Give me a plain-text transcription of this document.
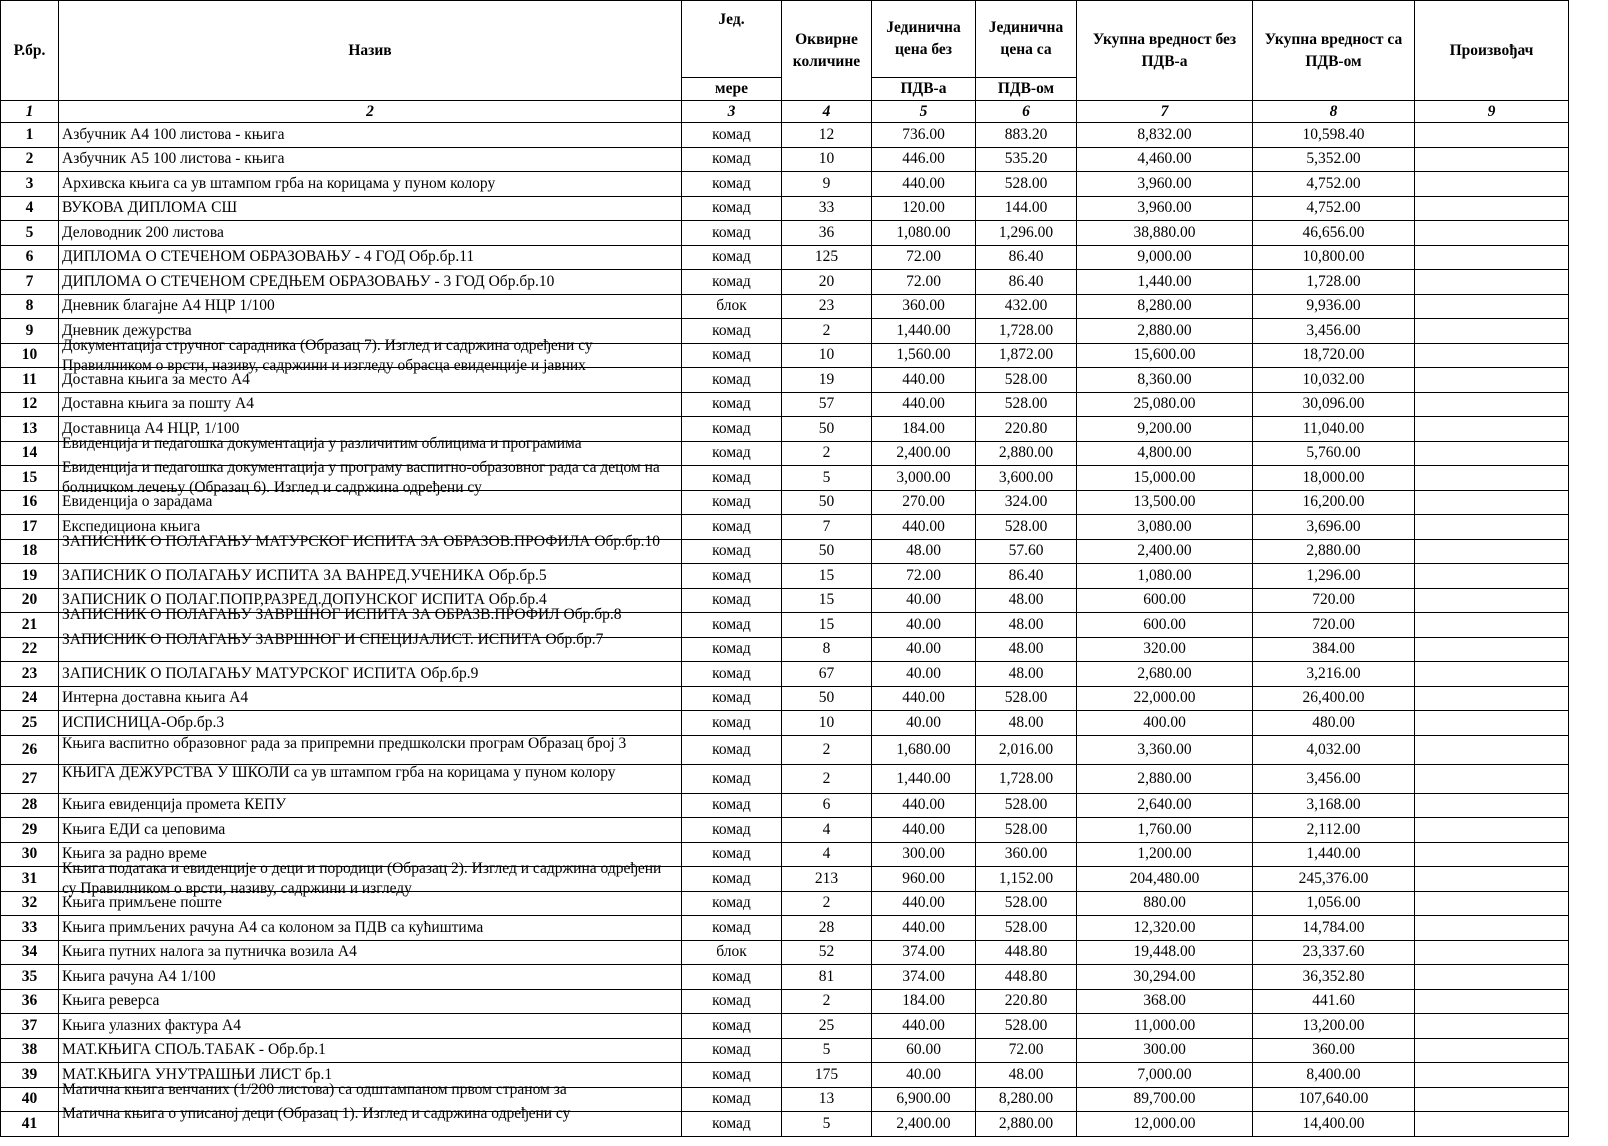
Р.бр.	Назив	Јед.	Оквирне количине	Јединична цена без	Јединична цена са	Укупна вредност без ПДВ-а	Укупна вредност са ПДВ-ом	Произвођач
		мере		ПДВ-а	ПДВ-ом			
1	2	3	4	5	6	7	8	9
1	Азбучник А4 100 листова - књига	комад	12	736.00	883.20	8,832.00	10,598.40	
2	Азбучник А5 100 листова - књига	комад	10	446.00	535.20	4,460.00	5,352.00	
3	Архивска књига са ув штампом грба на корицама у пуном колору	комад	9	440.00	528.00	3,960.00	4,752.00	
4	ВУКОВА ДИПЛОМА СШ	комад	33	120.00	144.00	3,960.00	4,752.00	
5	Деловодник 200 листова	комад	36	1,080.00	1,296.00	38,880.00	46,656.00	
6	ДИПЛОМА О СТЕЧЕНОМ ОБРАЗОВАЊУ - 4 ГОД Обр.бр.11	комад	125	72.00	86.40	9,000.00	10,800.00	
7	ДИПЛОМА О СТЕЧЕНОМ СРЕДЊЕМ ОБРАЗОВАЊУ - 3 ГОД Обр.бр.10	комад	20	72.00	86.40	1,440.00	1,728.00	
8	Дневник благајне А4 НЦР 1/100	блок	23	360.00	432.00	8,280.00	9,936.00	
9	Дневник дежурства	комад	2	1,440.00	1,728.00	2,880.00	3,456.00	
10	Документација стручног сарадника (Образац 7). Изглед и садржина одређени су Правилником о врсти, називу, садржини и изгледу обрасца евиденције и јавних	комад	10	1,560.00	1,872.00	15,600.00	18,720.00	
11	Доставна књига за место А4	комад	19	440.00	528.00	8,360.00	10,032.00	
12	Доставна књига за пошту А4	комад	57	440.00	528.00	25,080.00	30,096.00	
13	Доставница А4 НЦР, 1/100	комад	50	184.00	220.80	9,200.00	11,040.00	
14	Евиденција и педагошка документација у различитим облицима и програмима	комад	2	2,400.00	2,880.00	4,800.00	5,760.00	
15	Евиденција и педагошка документација у програму васпитно-образовног рада са децом на болничком лечењу (Образац 6). Изглед и садржина одређени су	комад	5	3,000.00	3,600.00	15,000.00	18,000.00	
16	Евиденција о зарадама	комад	50	270.00	324.00	13,500.00	16,200.00	
17	Експедициона књига	комад	7	440.00	528.00	3,080.00	3,696.00	
18	ЗАПИСНИК О ПОЛАГАЊУ МАТУРСКОГ ИСПИТА ЗА ОБРАЗОВ.ПРОФИЛА Обр.бр.10	комад	50	48.00	57.60	2,400.00	2,880.00	
19	ЗАПИСНИК О ПОЛАГАЊУ ИСПИТА ЗА ВАНРЕД.УЧЕНИКА Обр.бр.5	комад	15	72.00	86.40	1,080.00	1,296.00	
20	ЗАПИСНИК О ПОЛАГ.ПОПР,РАЗРЕД.ДОПУНСКОГ ИСПИТА Обр.бр.4	комад	15	40.00	48.00	600.00	720.00	
21	ЗАПИСНИК О ПОЛАГАЊУ ЗАВРШНОГ ИСПИТА ЗА ОБРАЗВ.ПРОФИЛ Обр.бр.8	комад	15	40.00	48.00	600.00	720.00	
22	ЗАПИСНИК О ПОЛАГАЊУ ЗАВРШНОГ И СПЕЦИЈАЛИСТ. ИСПИТА Обр.бр.7	комад	8	40.00	48.00	320.00	384.00	
23	ЗАПИСНИК О ПОЛАГАЊУ МАТУРСКОГ ИСПИТА Обр.бр.9	комад	67	40.00	48.00	2,680.00	3,216.00	
24	Интерна доставна књига А4	комад	50	440.00	528.00	22,000.00	26,400.00	
25	ИСПИСНИЦА-Обр.бр.3	комад	10	40.00	48.00	400.00	480.00	
26	Књига васпитно образовног рада за припремни предшколски програм Образац број 3	комад	2	1,680.00	2,016.00	3,360.00	4,032.00	
27	КЊИГА ДЕЖУРСТВА У ШКОЛИ са ув штампом грба на корицама у пуном колору	комад	2	1,440.00	1,728.00	2,880.00	3,456.00	
28	Књига евиденција промета КЕПУ	комад	6	440.00	528.00	2,640.00	3,168.00	
29	Књига ЕДИ са џеповима	комад	4	440.00	528.00	1,760.00	2,112.00	
30	Књига за радно време	комад	4	300.00	360.00	1,200.00	1,440.00	
31	Књига података и евиденције о деци и породици (Образац 2). Изглед и садржина одређени су Правилником о врсти, називу, садржини и изгледу	комад	213	960.00	1,152.00	204,480.00	245,376.00	
32	Књига примљене поште	комад	2	440.00	528.00	880.00	1,056.00	
33	Књига примљених рачуна А4 са колоном за ПДВ са кућиштима	комад	28	440.00	528.00	12,320.00	14,784.00	
34	Књига путних налога за путничка возила А4	блок	52	374.00	448.80	19,448.00	23,337.60	
35	Књига рачуна А4 1/100	комад	81	374.00	448.80	30,294.00	36,352.80	
36	Књига реверса	комад	2	184.00	220.80	368.00	441.60	
37	Књига улазних фактура А4	комад	25	440.00	528.00	11,000.00	13,200.00	
38	МАТ.КЊИГА СПОЉ.ТАБАК - Обр.бр.1	комад	5	60.00	72.00	300.00	360.00	
39	МАТ.КЊИГА УНУТРАШЊИ ЛИСТ бр.1	комад	175	40.00	48.00	7,000.00	8,400.00	
40	Матична књига венчаних (1/200 листова) са одштампаном првом страном за	комад	13	6,900.00	8,280.00	89,700.00	107,640.00	
41	Матична књига о уписаној деци (Образац 1). Изглед и садржина одређени су	комад	5	2,400.00	2,880.00	12,000.00	14,400.00	
